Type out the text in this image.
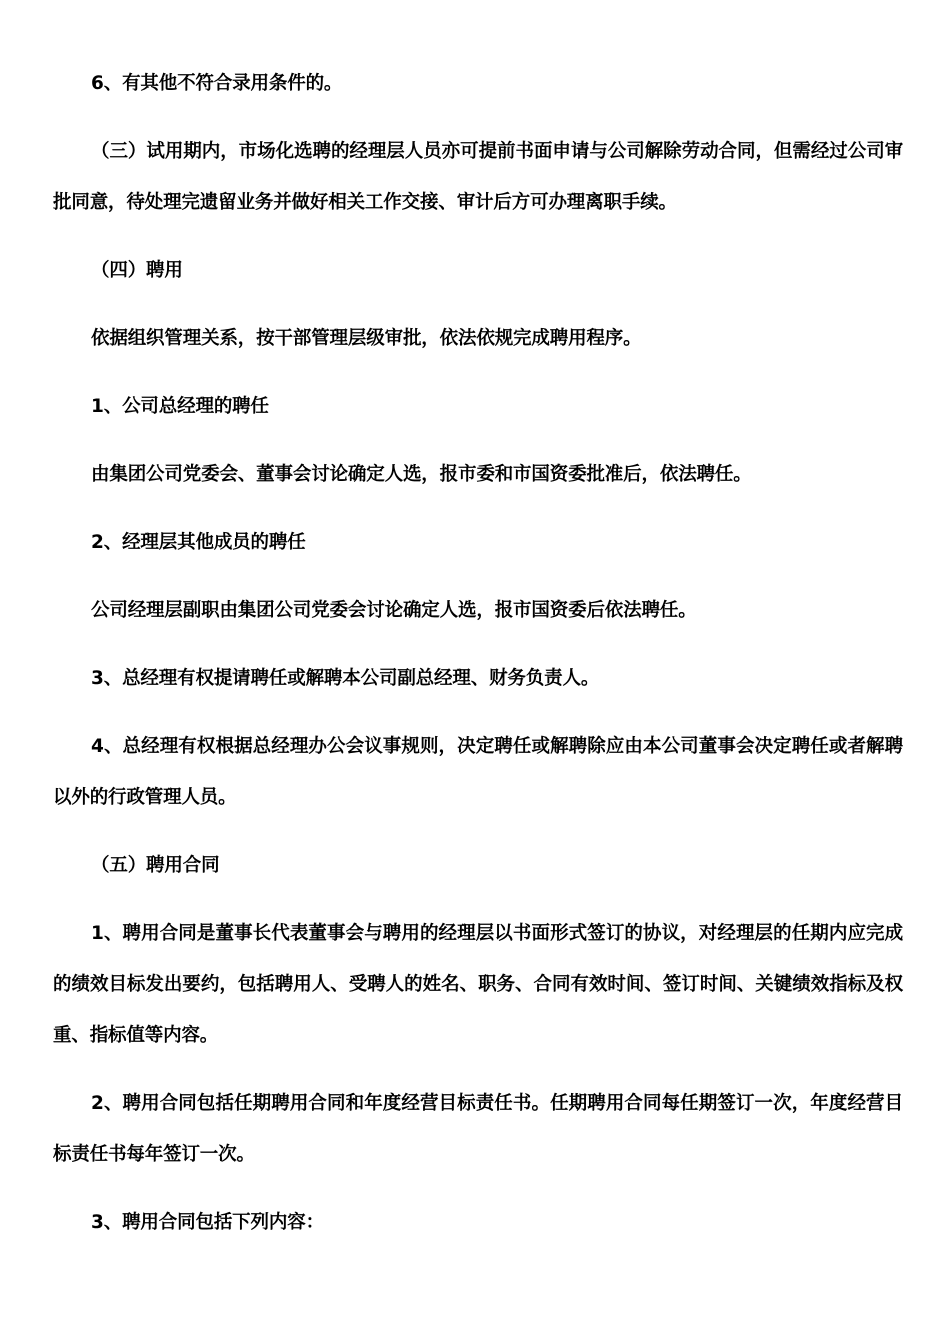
6、有其他不符合录用条件的。

（三）试用期内，市场化选聘的经理层人员亦可提前书面申请与公司解除劳动合同，但需经过公司审批同意，待处理完遗留业务并做好相关工作交接、审计后方可办理离职手续。

（四）聘用

依据组织管理关系，按干部管理层级审批，依法依规完成聘用程序。

1、公司总经理的聘任

由集团公司党委会、董事会讨论确定人选，报市委和市国资委批准后，依法聘任。

2、经理层其他成员的聘任

公司经理层副职由集团公司党委会讨论确定人选，报市国资委后依法聘任。

3、总经理有权提请聘任或解聘本公司副总经理、财务负责人。

4、总经理有权根据总经理办公会议事规则，决定聘任或解聘除应由本公司董事会决定聘任或者解聘以外的行政管理人员。

（五）聘用合同

1、聘用合同是董事长代表董事会与聘用的经理层以书面形式签订的协议，对经理层的任期内应完成的绩效目标发出要约，包括聘用人、受聘人的姓名、职务、合同有效时间、签订时间、关键绩效指标及权重、指标值等内容。

2、聘用合同包括任期聘用合同和年度经营目标责任书。任期聘用合同每任期签订一次，年度经营目标责任书每年签订一次。

3、聘用合同包括下列内容：
